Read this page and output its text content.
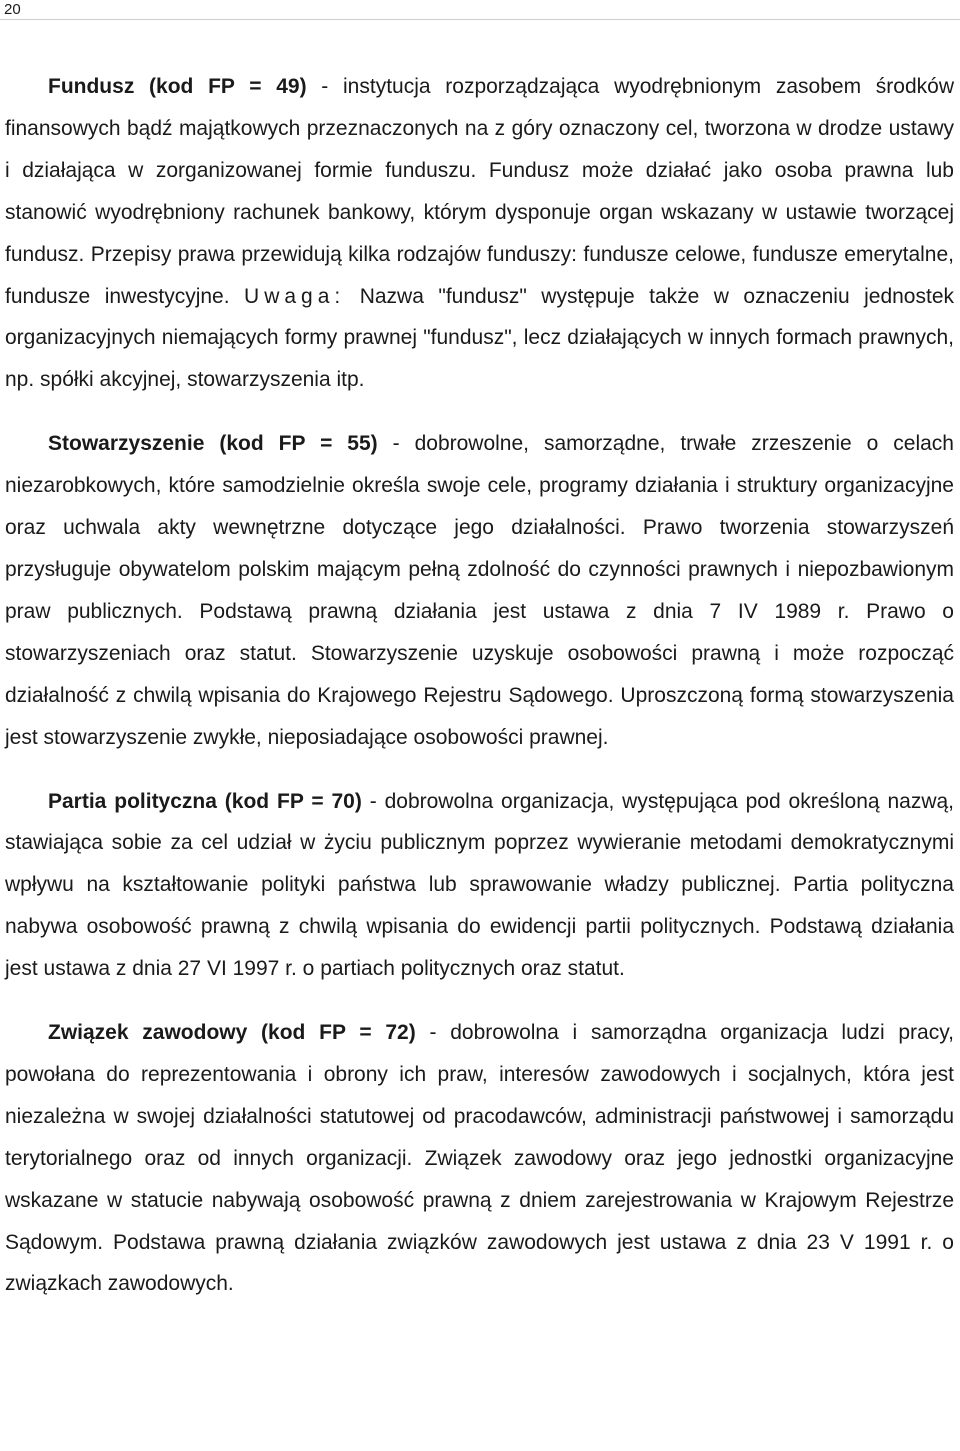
20

Fundusz (kod FP = 49) - instytucja rozporządzająca wyodrębnionym zasobem środków finansowych bądź majątkowych przeznaczonych na z góry oznaczony cel, tworzona w drodze ustawy i działająca w zorganizowanej formie funduszu. Fundusz może działać jako osoba prawna lub stanowić wyodrębniony rachunek bankowy, którym dysponuje organ wskazany w ustawie tworzącej fundusz. Przepisy prawa przewidują kilka rodzajów funduszy: fundusze celowe, fundusze emerytalne, fundusze inwestycyjne. Uwaga: Nazwa "fundusz" występuje także w oznaczeniu jednostek organizacyjnych niemających formy prawnej "fundusz", lecz działających w innych formach prawnych, np. spółki akcyjnej, stowarzyszenia itp.

Stowarzyszenie (kod FP = 55) - dobrowolne, samorządne, trwałe zrzeszenie o celach niezarobkowych, które samodzielnie określa swoje cele, programy działania i struktury organizacyjne oraz uchwala akty wewnętrzne dotyczące jego działalności. Prawo tworzenia stowarzyszeń przysługuje obywatelom polskim mającym pełną zdolność do czynności prawnych i niepozbawionym praw publicznych. Podstawą prawną działania jest ustawa z dnia 7 IV 1989 r. Prawo o stowarzyszeniach oraz statut. Stowarzyszenie uzyskuje osobowości prawną i może rozpocząć działalność z chwilą wpisania do Krajowego Rejestru Sądowego. Uproszczoną formą stowarzyszenia jest stowarzyszenie zwykłe, nieposiadające osobowości prawnej.

Partia polityczna (kod FP = 70) - dobrowolna organizacja, występująca pod określoną nazwą, stawiająca sobie za cel udział w życiu publicznym poprzez wywieranie metodami demokratycznymi wpływu na kształtowanie polityki państwa lub sprawowanie władzy publicznej. Partia polityczna nabywa osobowość prawną z chwilą wpisania do ewidencji partii politycznych. Podstawą działania jest ustawa z dnia 27 VI 1997 r. o partiach politycznych oraz statut.

Związek zawodowy (kod FP = 72) - dobrowolna i samorządna organizacja ludzi pracy, powołana do reprezentowania i obrony ich praw, interesów zawodowych i socjalnych, która jest niezależna w swojej działalności statutowej od pracodawców, administracji państwowej i samorządu terytorialnego oraz od innych organizacji. Związek zawodowy oraz jego jednostki organizacyjne wskazane w statucie nabywają osobowość prawną z dniem zarejestrowania w Krajowym Rejestrze Sądowym. Podstawa prawną działania związków zawodowych jest ustawa z dnia 23 V 1991 r. o związkach zawodowych.
